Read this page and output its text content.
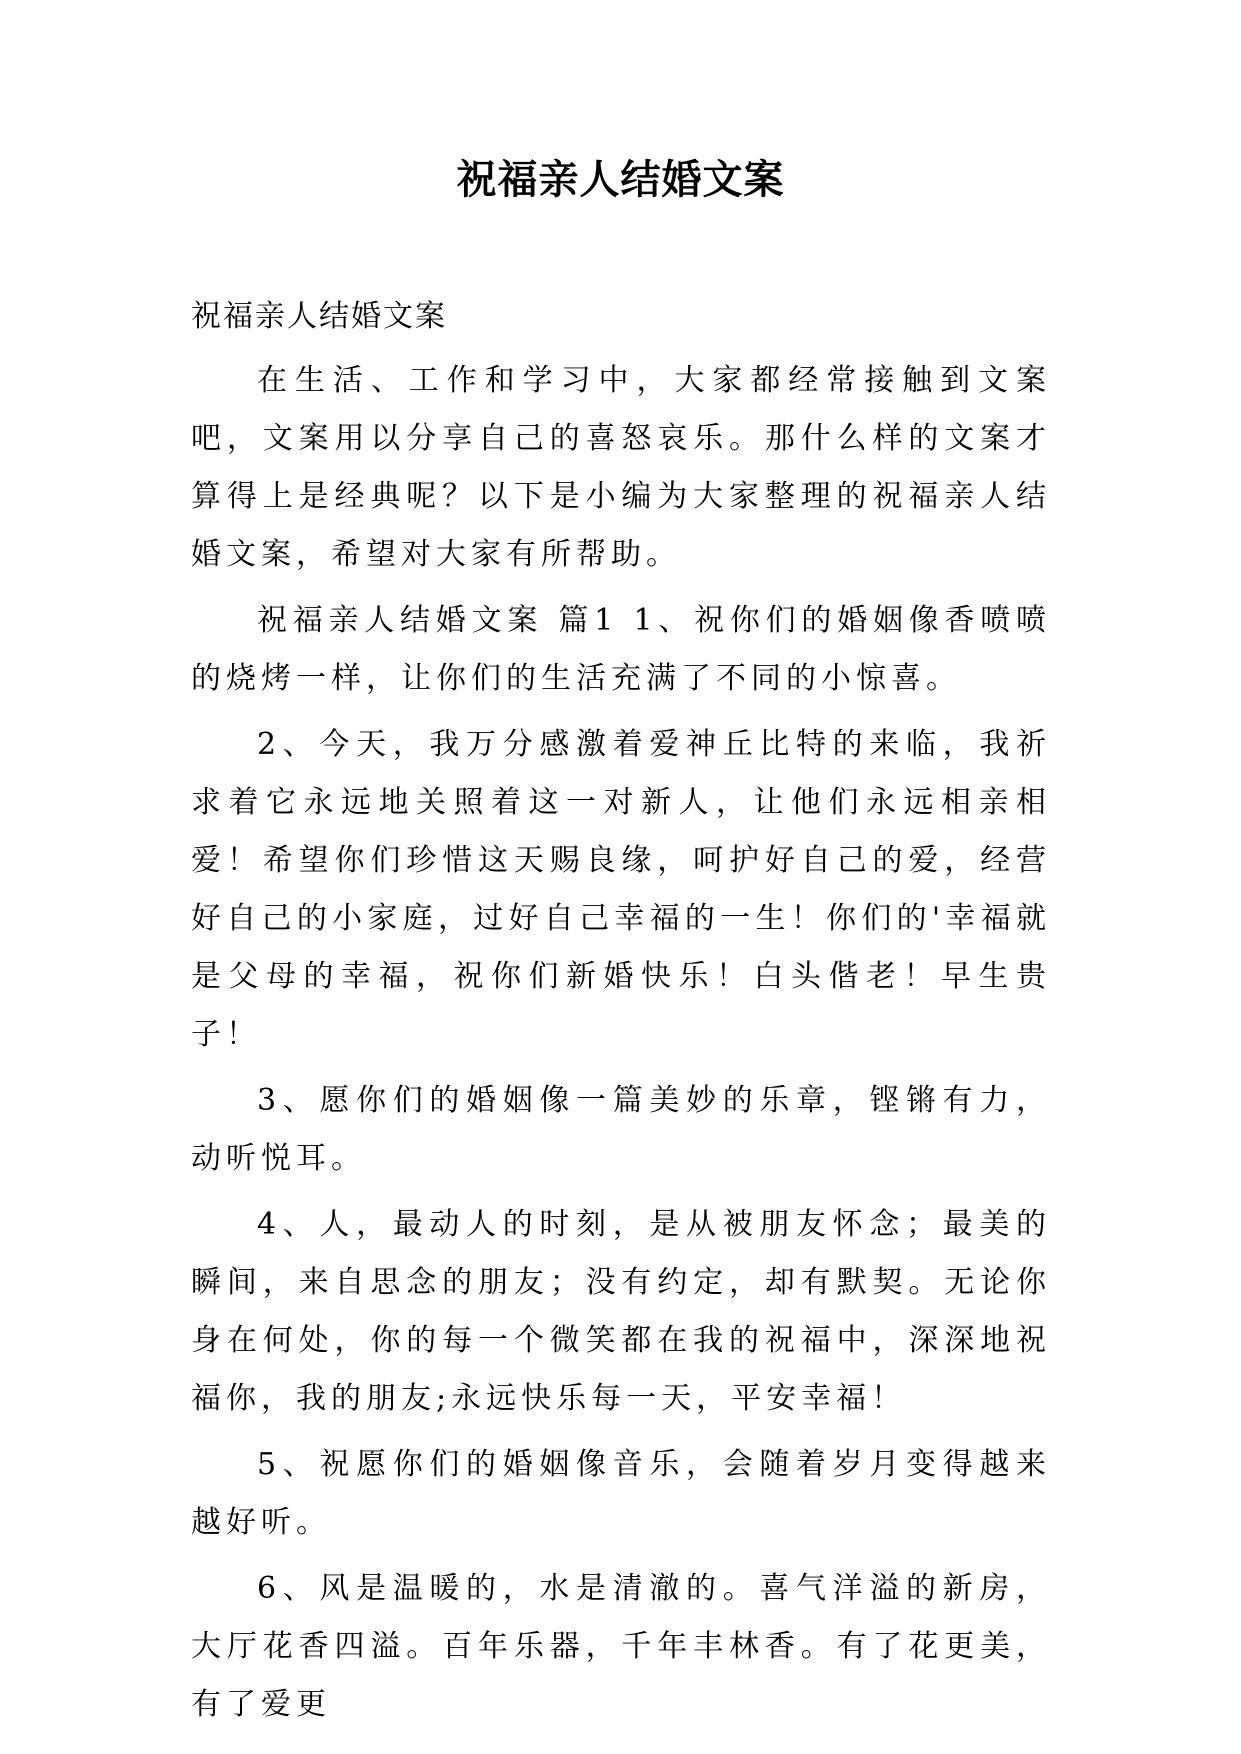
祝福亲人结婚文案

祝福亲人结婚文案

在生活、工作和学习中，大家都经常接触到文案吧，文案用以分享自己的喜怒哀乐。那什么样的文案才算得上是经典呢？以下是小编为大家整理的祝福亲人结婚文案，希望对大家有所帮助。

祝福亲人结婚文案 篇1 1、祝你们的婚姻像香喷喷的烧烤一样，让你们的生活充满了不同的小惊喜。

2、今天，我万分感激着爱神丘比特的来临，我祈求着它永远地关照着这一对新人，让他们永远相亲相爱！希望你们珍惜这天赐良缘，呵护好自己的爱，经营好自己的小家庭，过好自己幸福的一生！你们的'幸福就是父母的幸福，祝你们新婚快乐！白头偕老！早生贵子！

3、愿你们的婚姻像一篇美妙的乐章，铿锵有力，动听悦耳。

4、人，最动人的时刻，是从被朋友怀念；最美的瞬间，来自思念的朋友；没有约定，却有默契。无论你身在何处，你的每一个微笑都在我的祝福中，深深地祝福你，我的朋友;永远快乐每一天，平安幸福！

5、祝愿你们的婚姻像音乐，会随着岁月变得越来越好听。

6、风是温暖的，水是清澈的。喜气洋溢的新房，大厅花香四溢。百年乐器，千年丰林香。有了花更美，有了爱更
